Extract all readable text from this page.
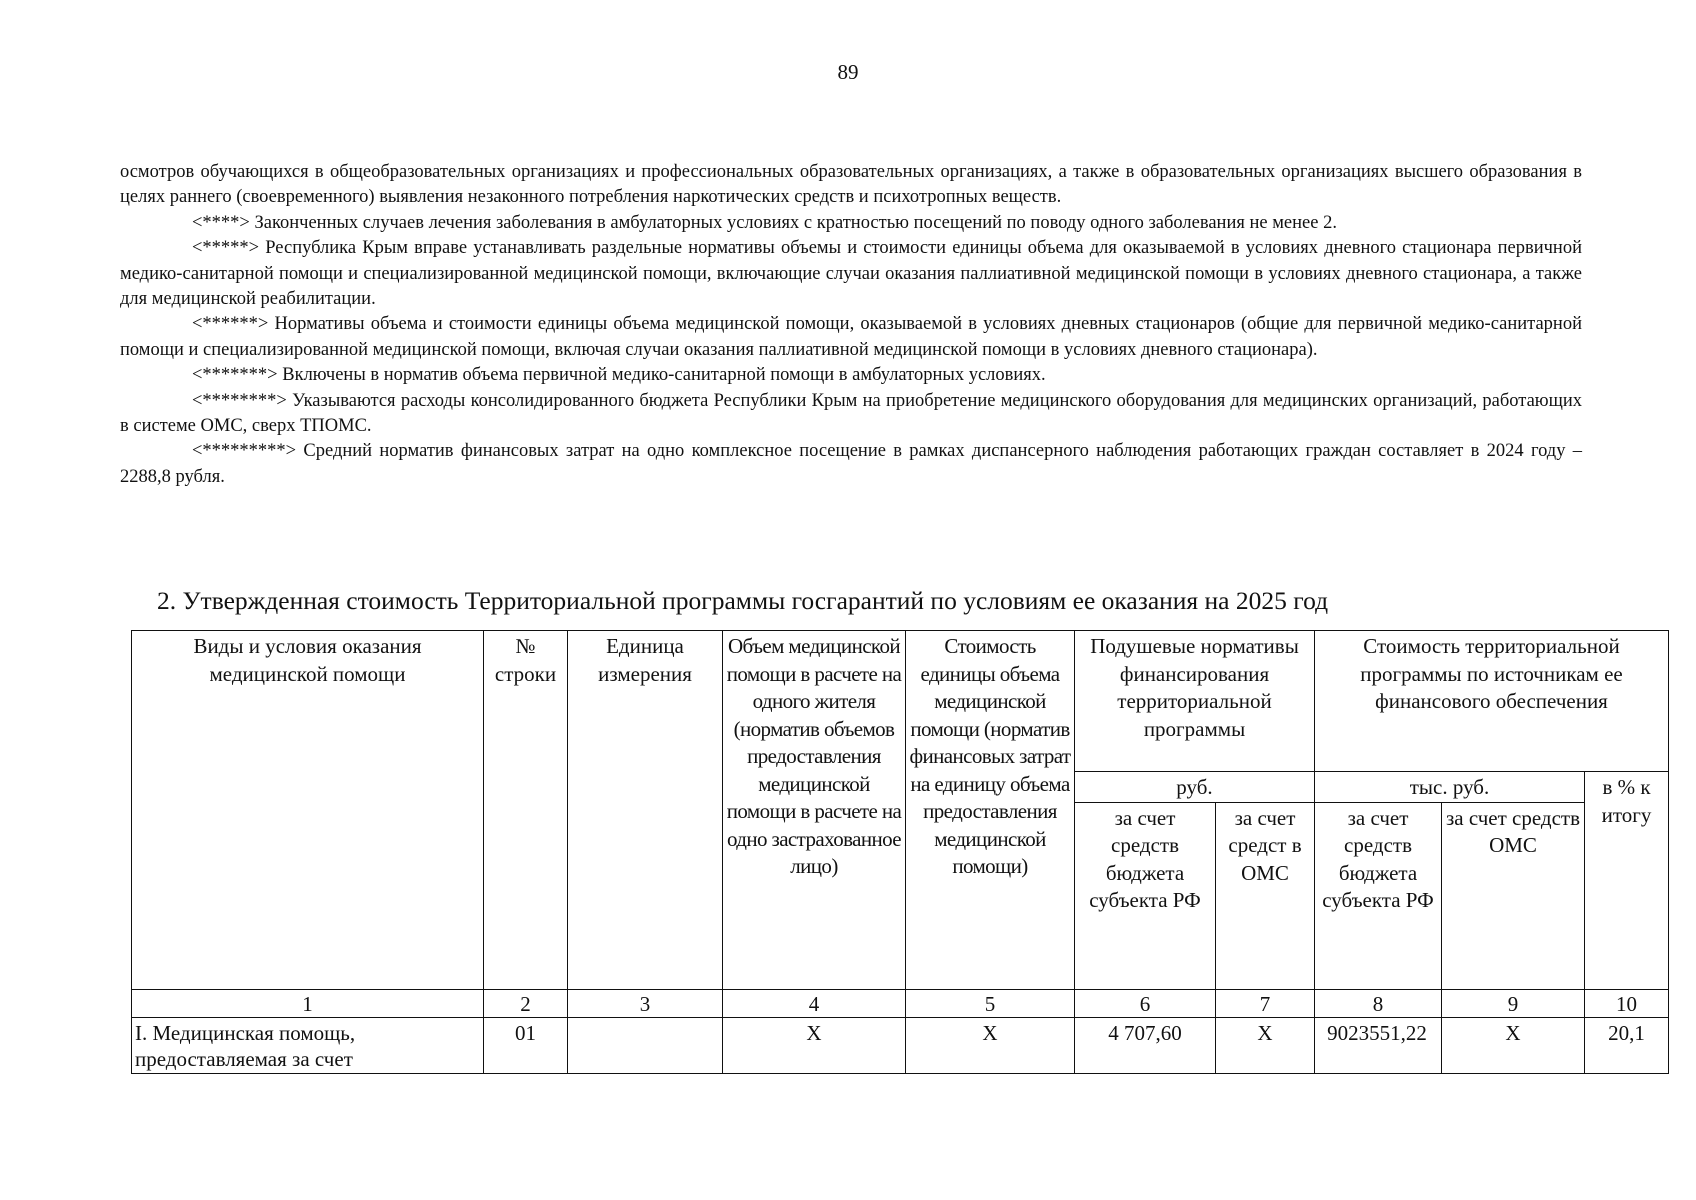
89

осмотров обучающихся в общеобразовательных организациях и профессиональных образовательных организациях, а также в образовательных организациях высшего образования в целях раннего (своевременного) выявления незаконного потребления наркотических средств и психотропных веществ.

<****> Законченных случаев лечения заболевания в амбулаторных условиях с кратностью посещений по поводу одного заболевания не менее 2.

<*****> Республика Крым вправе устанавливать раздельные нормативы объемы и стоимости единицы объема для оказываемой в условиях дневного стационара первичной медико-санитарной помощи и специализированной медицинской помощи, включающие случаи оказания паллиативной медицинской помощи в условиях дневного стационара, а также для медицинской реабилитации.

<******> Нормативы объема и стоимости единицы объема медицинской помощи, оказываемой в условиях дневных стационаров (общие для первичной медико-санитарной помощи и специализированной медицинской помощи, включая случаи оказания паллиативной медицинской помощи в условиях дневного стационара).

<*******> Включены в норматив объема первичной медико-санитарной помощи в амбулаторных условиях.

<********> Указываются расходы консолидированного бюджета Республики Крым на приобретение медицинского оборудования для медицинских организаций, работающих в системе ОМС, сверх ТПОМС.

<*********> Средний норматив финансовых затрат на одно комплексное посещение в рамках диспансерного наблюдения работающих граждан составляет в 2024 году – 2288,8 рубля.

2. Утвержденная стоимость Территориальной программы госгарантий по условиям ее оказания на 2025 год
Виды и условия оказания медицинской помощи	№ строки	Единица измерения	Объем медицинской помощи в расчете на одного жителя (норматив объемов предоставления медицинской помощи в расчете на одно застрахованное лицо)	Стоимость единицы объема медицинской помощи (норматив финансовых затрат на единицу объема предоставления медицинской помощи)	Подушевые нормативы финансирования территориальной программы		Стоимость территориальной программы по источникам ее финансового обеспечения		
					руб.		тыс. руб.		в % к итогу
					за счет средств бюджета субъекта РФ	за счет средст в ОМС	за счет средств бюджета субъекта РФ	за счет средств ОМС	
1	2	3	4	5	6	7	8	9	10

I. Медицинская помощь, предоставляемая за счет	01		X	X	4 707,60	X	9023551,22	X	20,1
